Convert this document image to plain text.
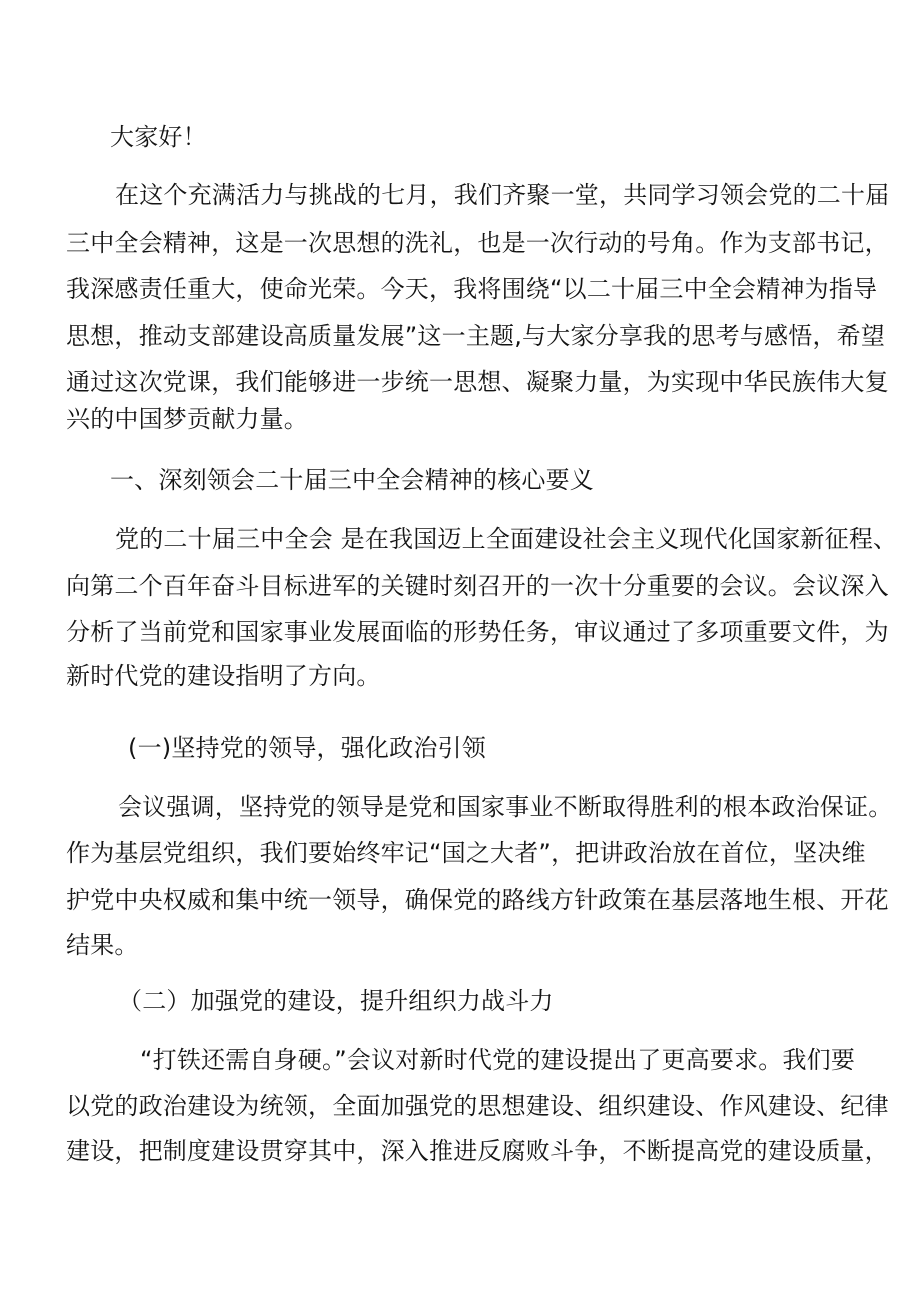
大家好！
在这个充满活力与挑战的七月，我们齐聚一堂，共同学习领会党的二十届
三中全会精神，这是一次思想的洗礼，也是一次行动的号角。作为支部书记，
我深感责任重大，使命光荣。今天，我将围绕“以二十届三中全会精神为指导
思想，推动支部建设高质量发展”这一主题,与大家分享我的思考与感悟，希望
通过这次党课，我们能够进一步统一思想、凝聚力量，为实现中华民族伟大复
兴的中国梦贡献力量。
一、深刻领会二十届三中全会精神的核心要义
党的二十届三中全会 是在我国迈上全面建设社会主义现代化国家新征程、
向第二个百年奋斗目标进军的关键时刻召开的一次十分重要的会议。会议深入
分析了当前党和国家事业发展面临的形势任务，审议通过了多项重要文件，为
新时代党的建设指明了方向。
(一)坚持党的领导，强化政治引领
会议强调，坚持党的领导是党和国家事业不断取得胜利的根本政治保证。
作为基层党组织，我们要始终牢记“国之大者”，把讲政治放在首位，坚决维
护党中央权威和集中统一领导，确保党的路线方针政策在基层落地生根、开花
结果。
（二）加强党的建设，提升组织力战斗力
“打铁还需自身硬。”会议对新时代党的建设提出了更高要求。我们要
以党的政治建设为统领，全面加强党的思想建设、组织建设、作风建设、纪律
建设，把制度建设贯穿其中，深入推进反腐败斗争，不断提高党的建设质量，
